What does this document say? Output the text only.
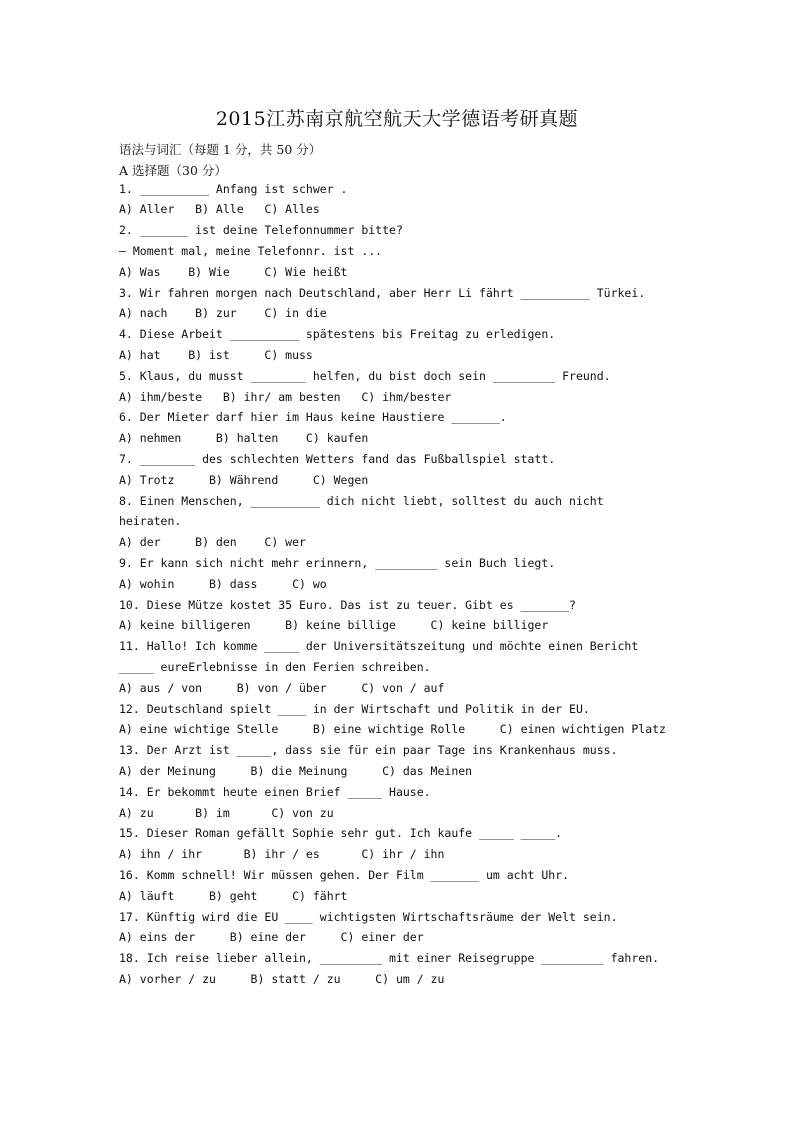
2015江苏南京航空航天大学德语考研真题
语法与词汇（每题 1 分，共 50 分）
A 选择题（30 分）
1. __________ Anfang ist schwer .
A) Aller   B) Alle   C) Alles
2. _______ ist deine Telefonnummer bitte?
– Moment mal, meine Telefonnr. ist ...
A) Was    B) Wie     C) Wie heißt
3. Wir fahren morgen nach Deutschland, aber Herr Li fährt __________ Türkei.
A) nach    B) zur    C) in die
4. Diese Arbeit __________ spätestens bis Freitag zu erledigen.
A) hat    B) ist     C) muss
5. Klaus, du musst ________ helfen, du bist doch sein _________ Freund.
A) ihm/beste   B) ihr/ am besten   C) ihm/bester
6. Der Mieter darf hier im Haus keine Haustiere _______.
A) nehmen     B) halten    C) kaufen
7. ________ des schlechten Wetters fand das Fußballspiel statt.
A) Trotz     B) Während     C) Wegen
8. Einen Menschen, __________ dich nicht liebt, solltest du auch nicht
heiraten.
A) der     B) den    C) wer
9. Er kann sich nicht mehr erinnern, _________ sein Buch liegt.
A) wohin     B) dass     C) wo
10. Diese Mütze kostet 35 Euro. Das ist zu teuer. Gibt es _______?
A) keine billigeren     B) keine billige     C) keine billiger
11. Hallo! Ich komme _____ der Universitätszeitung und möchte einen Bericht
_____ eureErlebnisse in den Ferien schreiben.
A) aus / von     B) von / über     C) von / auf
12. Deutschland spielt ____ in der Wirtschaft und Politik in der EU.
A) eine wichtige Stelle     B) eine wichtige Rolle     C) einen wichtigen Platz
13. Der Arzt ist _____, dass sie für ein paar Tage ins Krankenhaus muss.
A) der Meinung     B) die Meinung     C) das Meinen
14. Er bekommt heute einen Brief _____ Hause.
A) zu      B) im      C) von zu
15. Dieser Roman gefällt Sophie sehr gut. Ich kaufe _____ _____.
A) ihn / ihr      B) ihr / es      C) ihr / ihn
16. Komm schnell! Wir müssen gehen. Der Film _______ um acht Uhr.
A) läuft     B) geht     C) fährt
17. Künftig wird die EU ____ wichtigsten Wirtschaftsräume der Welt sein.
A) eins der     B) eine der     C) einer der
18. Ich reise lieber allein, _________ mit einer Reisegruppe _________ fahren.
A) vorher / zu     B) statt / zu     C) um / zu
